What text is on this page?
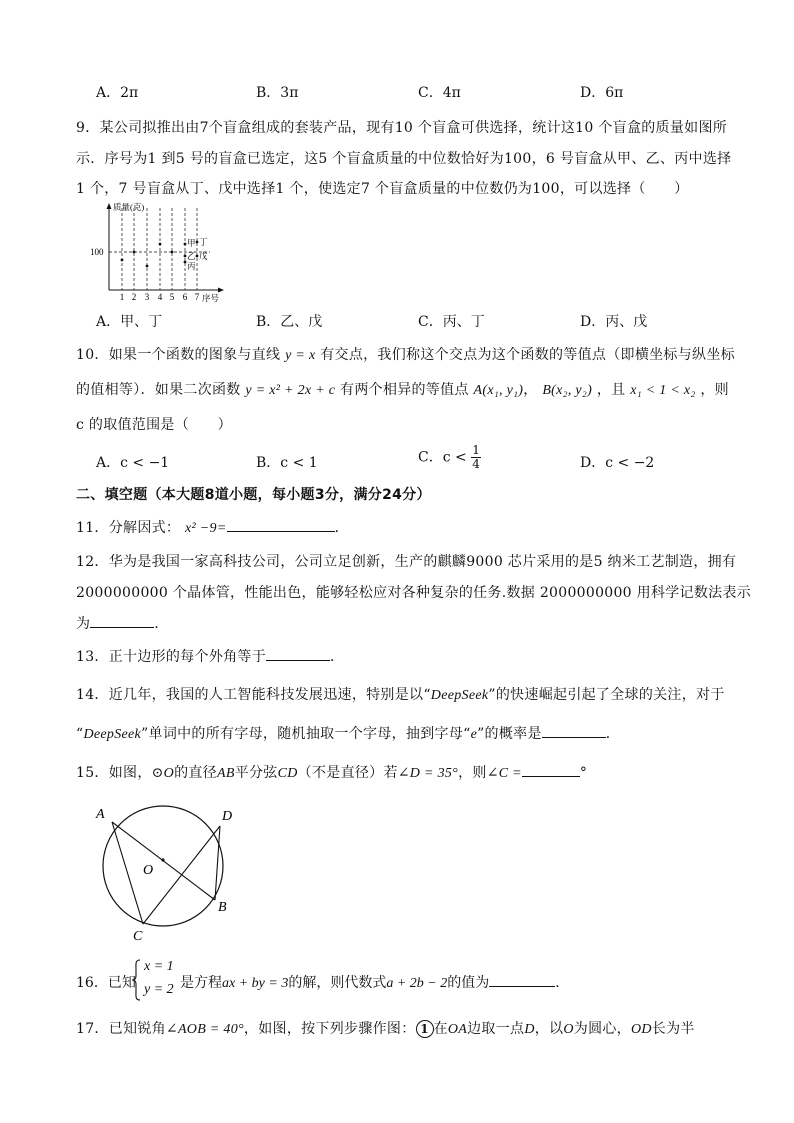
A．2π	B．3π	C．4π	D．6π
9．某公司拟推出由7个盲盒组成的套装产品，现有10 个盲盒可供选择，统计这10 个盲盒的质量如图所
示．序号为1 到5 号的盲盒已选定，这5 个盲盒质量的中位数恰好为100，6 号盲盒从甲、乙、丙中选择
1 个，7 号盲盒从丁、戊中选择1 个，使选定7 个盲盒质量的中位数仍为100，可以选择（　　）
质量(克)
100
序号
1 2 3 4 5 6 7
甲 丁
乙 戊
丙
A．甲、丁	B．乙、戊	C．丙、丁	D．丙、戊
10．如果一个函数的图象与直线 y = x 有交点，我们称这个交点为这个函数的等值点（即横坐标与纵坐标
的值相等）．如果二次函数 y = x² + 2x + c 有两个相异的等值点 A(x₁, y₁)， B(x₂, y₂) ，且 x₁ < 1 < x₂ ，则
c 的取值范围是（　　）
A．c < −1	B．c < 1	C．$c < \frac{1}{4}$	D．c < −2
二、填空题（本大题8道小题，每小题3分，满分24分）
11．分解因式： x² −9=	．
12．华为是我国一家高科技公司，公司立足创新，生产的麒麟9000 芯片采用的是5 纳米工艺制造，拥有
2000000000 个晶体管，性能出色，能够轻松应对各种复杂的任务.数据 2000000000 用科学记数法表示
为	．
13．正十边形的每个外角等于	．
14．近几年，我国的人工智能科技发展迅速，特别是以“DeepSeek”的快速崛起引起了全球的关注，对于
“DeepSeek”单词中的所有字母，随机抽取一个字母，抽到字母“e”的概率是	．
15．如图，⊙O的直径AB平分弦CD（不是直径）若∠D = 35°，则∠C =	°
A	D
O
B
C
16．已知
x = 1
y = 2 是方程ax + by = 3的解，则代数式a + 2b − 2的值为	．
17．已知锐角∠AOB = 40°，如图，按下列步骤作图： 1 在OA边取一点D，以O为圆心，OD长为半
